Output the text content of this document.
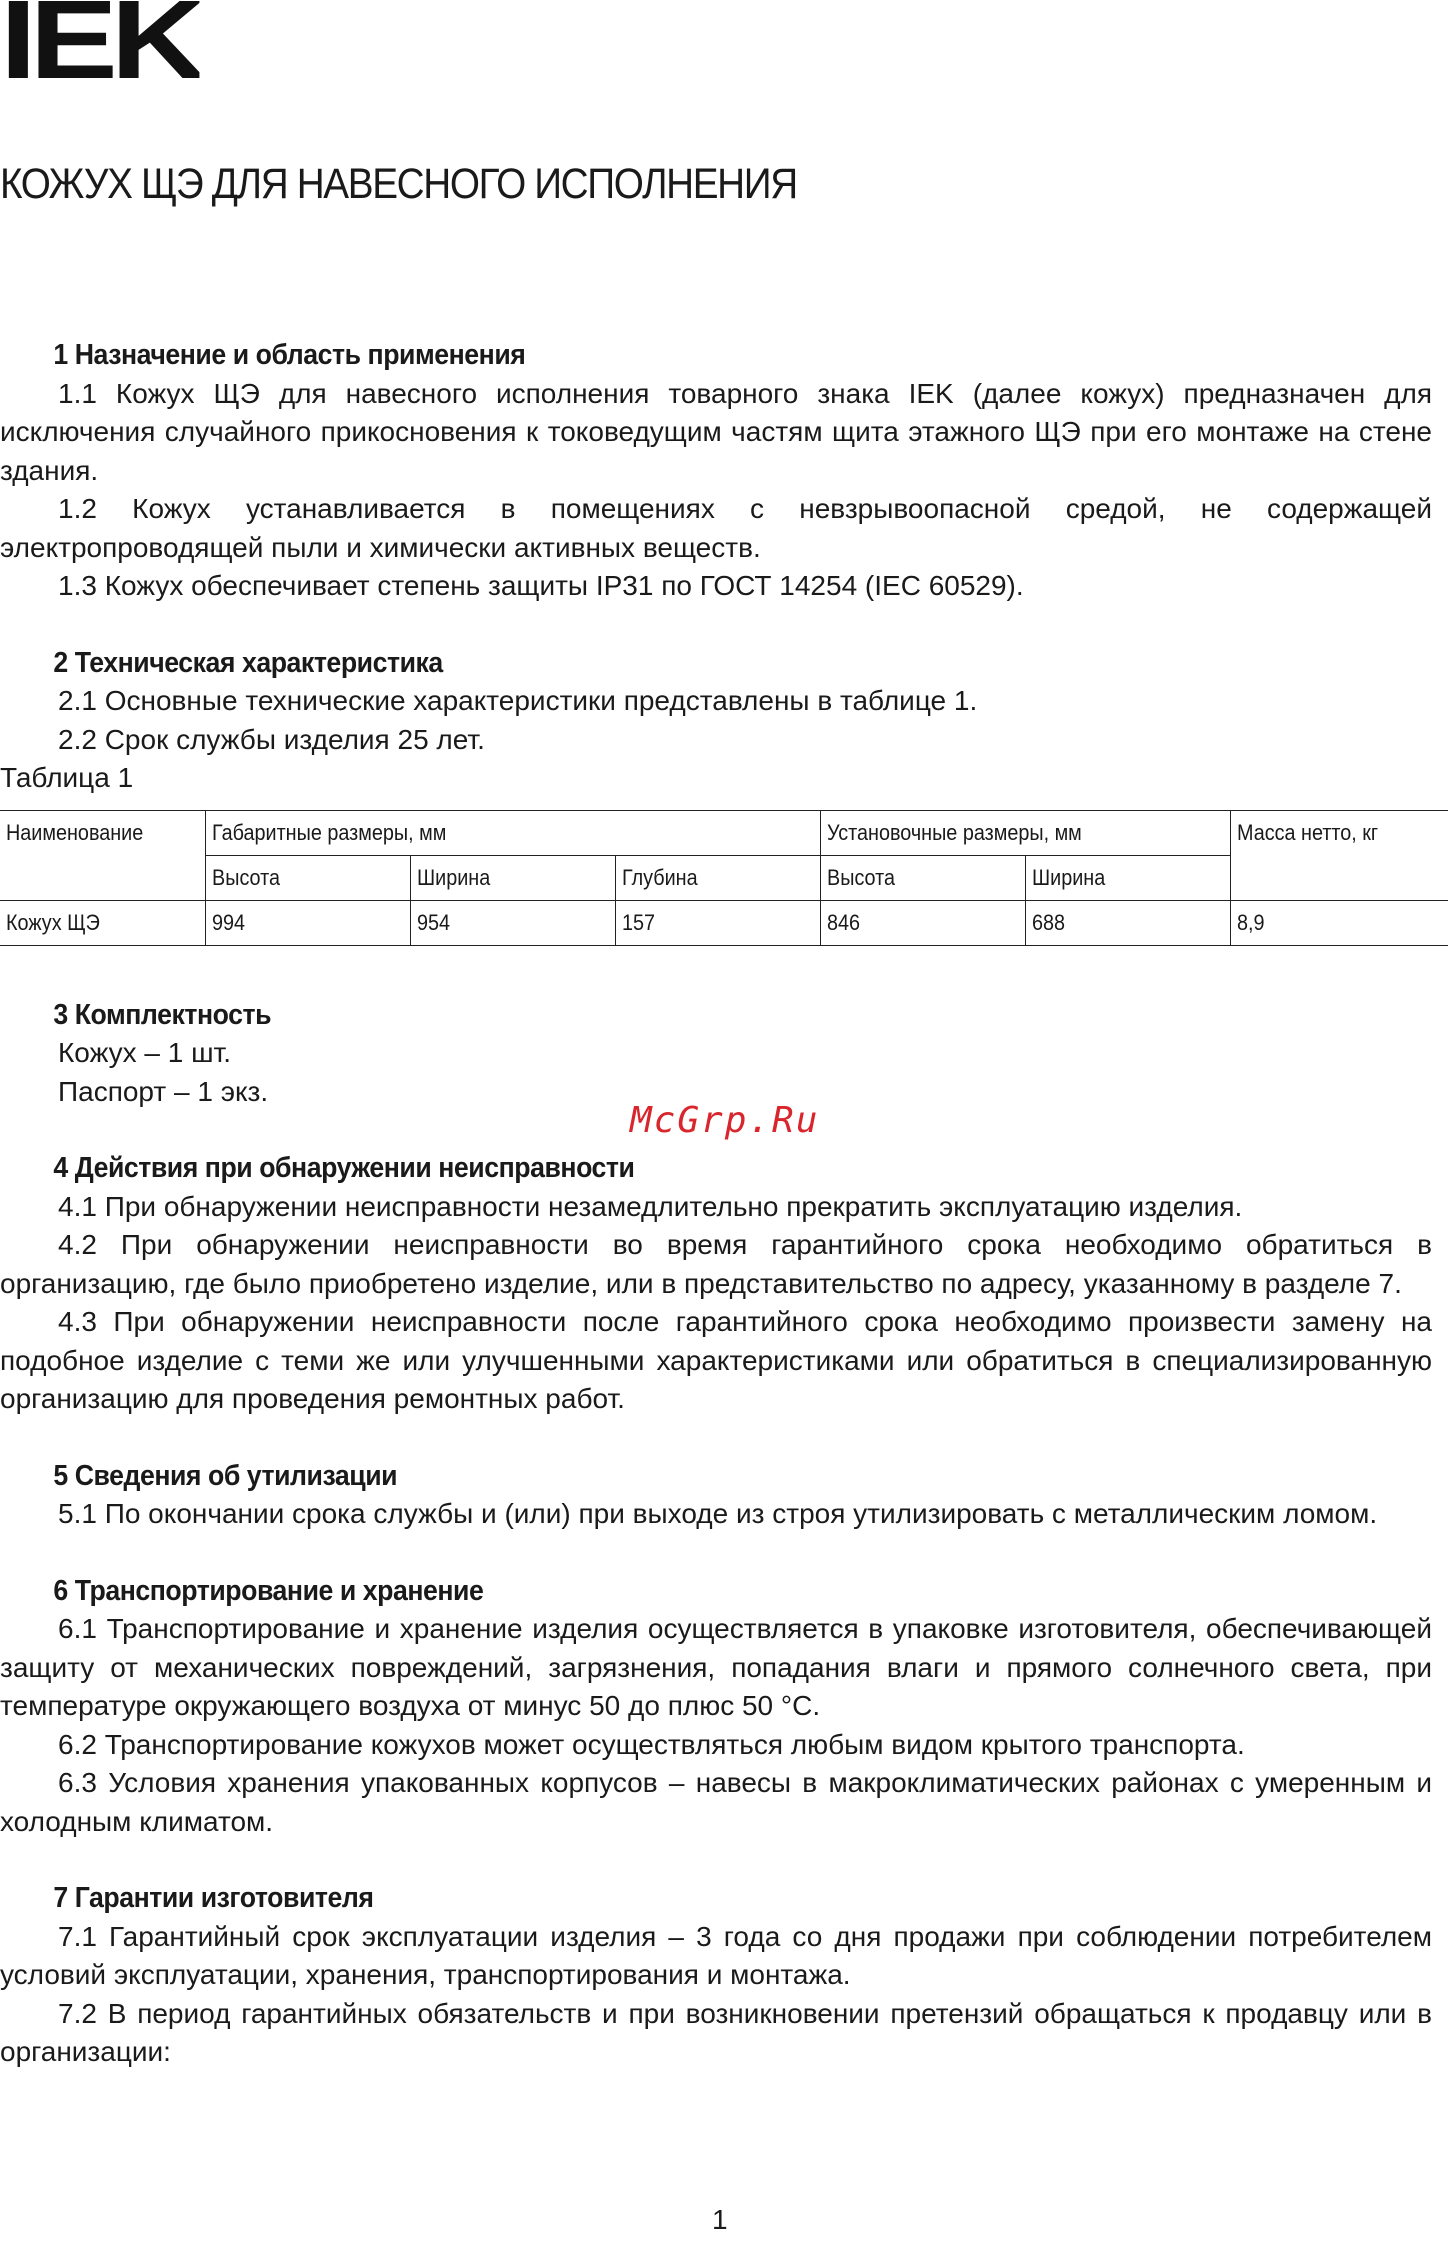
IEK
КОЖУХ ЩЭ ДЛЯ НАВЕСНОГО ИСПОЛНЕНИЯ
1 Назначение и область применения

1.1 Кожух ЩЭ для навесного исполнения товарного знака IEK (далее кожух) предназначен для исключения случайного прикосновения к токоведущим частям щита этажного ЩЭ при его монтаже на стене здания.

1.2 Кожух устанавливается в помещениях с невзрывоопасной средой, не содержащей электропроводящей пыли и химически активных веществ.

1.3 Кожух обеспечивает степень защиты IP31 по ГОСТ 14254 (IEC 60529).

2 Техническая характеристика

2.1 Основные технические характеристики представлены в таблице 1.

2.2 Срок службы изделия 25 лет.

Таблица 1

Наименование	Габаритные размеры, мм			Установочные размеры, мм		Масса нетто, кг
	Высота	Ширина	Глубина	Высота	Ширина	
Кожух ЩЭ	994	954	157	846	688	8,9
3 Комплектность

Кожух – 1 шт.

Паспорт – 1 экз.

4 Действия при обнаружении неисправности

4.1 При обнаружении неисправности незамедлительно прекратить эксплуатацию изделия.

4.2 При обнаружении неисправности во время гарантийного срока необходимо обратиться в организацию, где было приобретено изделие, или в представительство по адресу, указанному в разделе 7.

4.3 При обнаружении неисправности после гарантийного срока необходимо произвести замену на подобное изделие с теми же или улучшенными характеристиками или обратиться в специализированную организацию для проведения ремонтных работ.

5 Сведения об утилизации

5.1 По окончании срока службы и (или) при выходе из строя утилизировать с металлическим ломом.

6 Транспортирование и хранение

6.1 Транспортирование и хранение изделия осуществляется в упаковке изготовителя, обеспечивающей защиту от механических повреждений, загрязнения, попадания влаги и прямого солнечного света, при температуре окружающего воздуха от минус 50 до плюс 50 °С.

6.2 Транспортирование кожухов может осуществляться любым видом крытого транспорта.

6.3 Условия хранения упакованных корпусов – навесы в макроклиматических районах с умеренным и холодным климатом.

7 Гарантии изготовителя

7.1 Гарантийный срок эксплуатации изделия – 3 года со дня продажи при соблюдении потребителем условий эксплуатации, хранения, транспортирования и монтажа.

7.2 В период гарантийных обязательств и при возникновении претензий обращаться к продавцу или в организации:

McGrp.Ru
1
